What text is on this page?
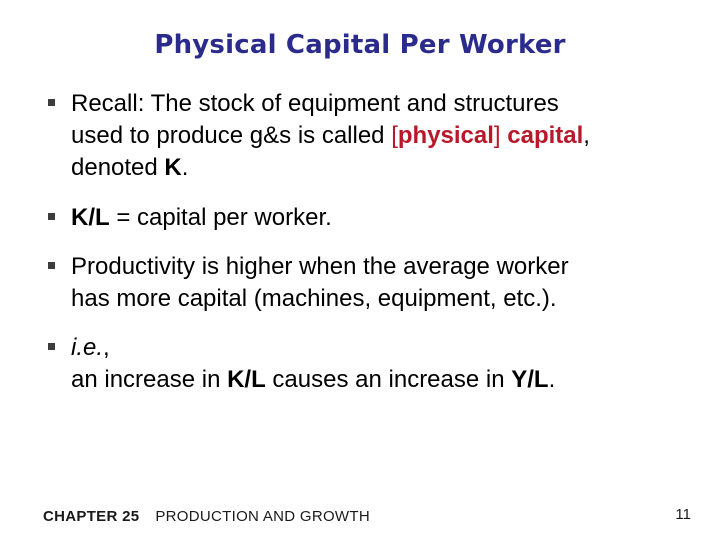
Physical Capital Per Worker
Recall: The stock of equipment and structures
used to produce g&s is called [physical] capital,
denoted K.
K/L = capital per worker.
Productivity is higher when the average worker
has more capital (machines, equipment, etc.).
i.e.,
an increase in K/L causes an increase in Y/L.
CHAPTER 25 PRODUCTION AND GROWTH	11
